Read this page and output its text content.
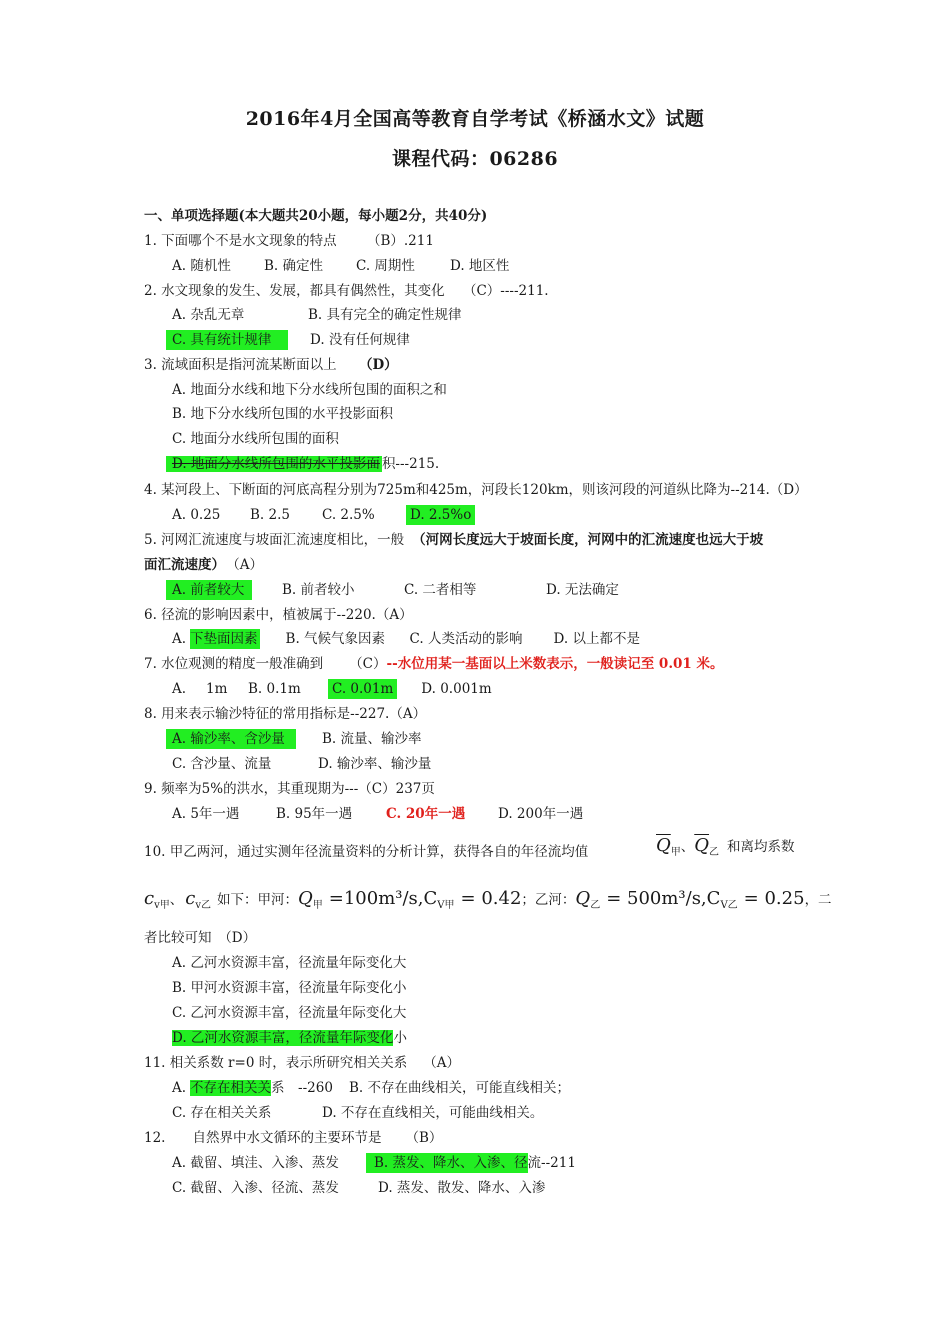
2016年4月全国高等教育自学考试《桥涵水文》试题
课程代码：06286
一、单项选择题(本大题共20小题，每小题2分，共40分)
1. 下面哪个不是水文现象的特点 （B）.211
A. 随机性 B. 确定性 C. 周期性	D. 地区性
2. 水文现象的发生、发展，都具有偶然性，其变化 （C）----211.
A. 杂乱无章	B. 具有完全的确定性规律
C. 具有统计规律	D. 没有任何规律
3. 流域面积是指河流某断面以上 （D）
A. 地面分水线和地下分水线所包围的面积之和
B. 地下分水线所包围的水平投影面积
C. 地面分水线所包围的面积
D. 地面分水线所包围的水平投影面 积---215.
4. 某河段上、下断面的河底高程分别为725m和425m，河段长120km，则该河段的河道纵比降为--214.（D）
A. 0.25 B. 2.5 C. 2.5%	D. 2.5%o
5. 河网汇流速度与坡面汇流速度相比，一般 （河网长度远大于坡面长度，河网中的汇流速度也远大于坡
面汇流速度） （A）
A. 前者较大	B. 前者较小	C. 二者相等	D. 无法确定
6. 径流的影响因素中，植被属于--220.（A）
A. 下垫面因素 B. 气候气象因素 C. 人类活动的影响 D. 以上都不是
7. 水位观测的精度一般准确到 （C）--水位用某一基面以上米数表示，一般读记至 0.01 米。
A. 1m B. 0.1m C. 0.01m D. 0.001m
8. 用来表示输沙特征的常用指标是--227.（A）
A. 输沙率、含沙量	B. 流量、输沙率
C. 含沙量、流量	D. 输沙率、输沙量
9. 频率为5%的洪水，其重现期为---（C）237页
A. 5年一遇	B. 95年一遇	C. 20年一遇 D. 200年一遇
10. 甲乙两河，通过实测年径流量资料的分析计算，获得各自的年径流均值	$\overline{Q}_甲$、$\overline{Q}_乙$ 和离均系数
$c_{v甲}$、 $c_{v乙}$ 如下：甲河：$Q_甲 =100m^3/s,C_{V甲} = 0.42$；乙河：$Q_乙 = 500m^3/s,C_{V乙} = 0.25$，二
者比较可知　（D）
A. 乙河水资源丰富，径流量年际变化大
B. 甲河水资源丰富，径流量年际变化小
C. 乙河水资源丰富，径流量年际变化大
D. 乙河水资源丰富，径流量年际变化小
11. 相关系数 r=0 时，表示所研究相关关系 （A）
A. 不存在相关关系　--260 B. 不存在曲线相关，可能直线相关；
C. 存在相关关系	D. 不存在直线相关，可能曲线相关。
12.　　自然界中水文循环的主要环节是 （B）
A. 截留、填洼、入渗、蒸发	B. 蒸发、降水、入渗、径流--211
C. 截留、入渗、径流、蒸发	D. 蒸发、散发、降水、入渗
